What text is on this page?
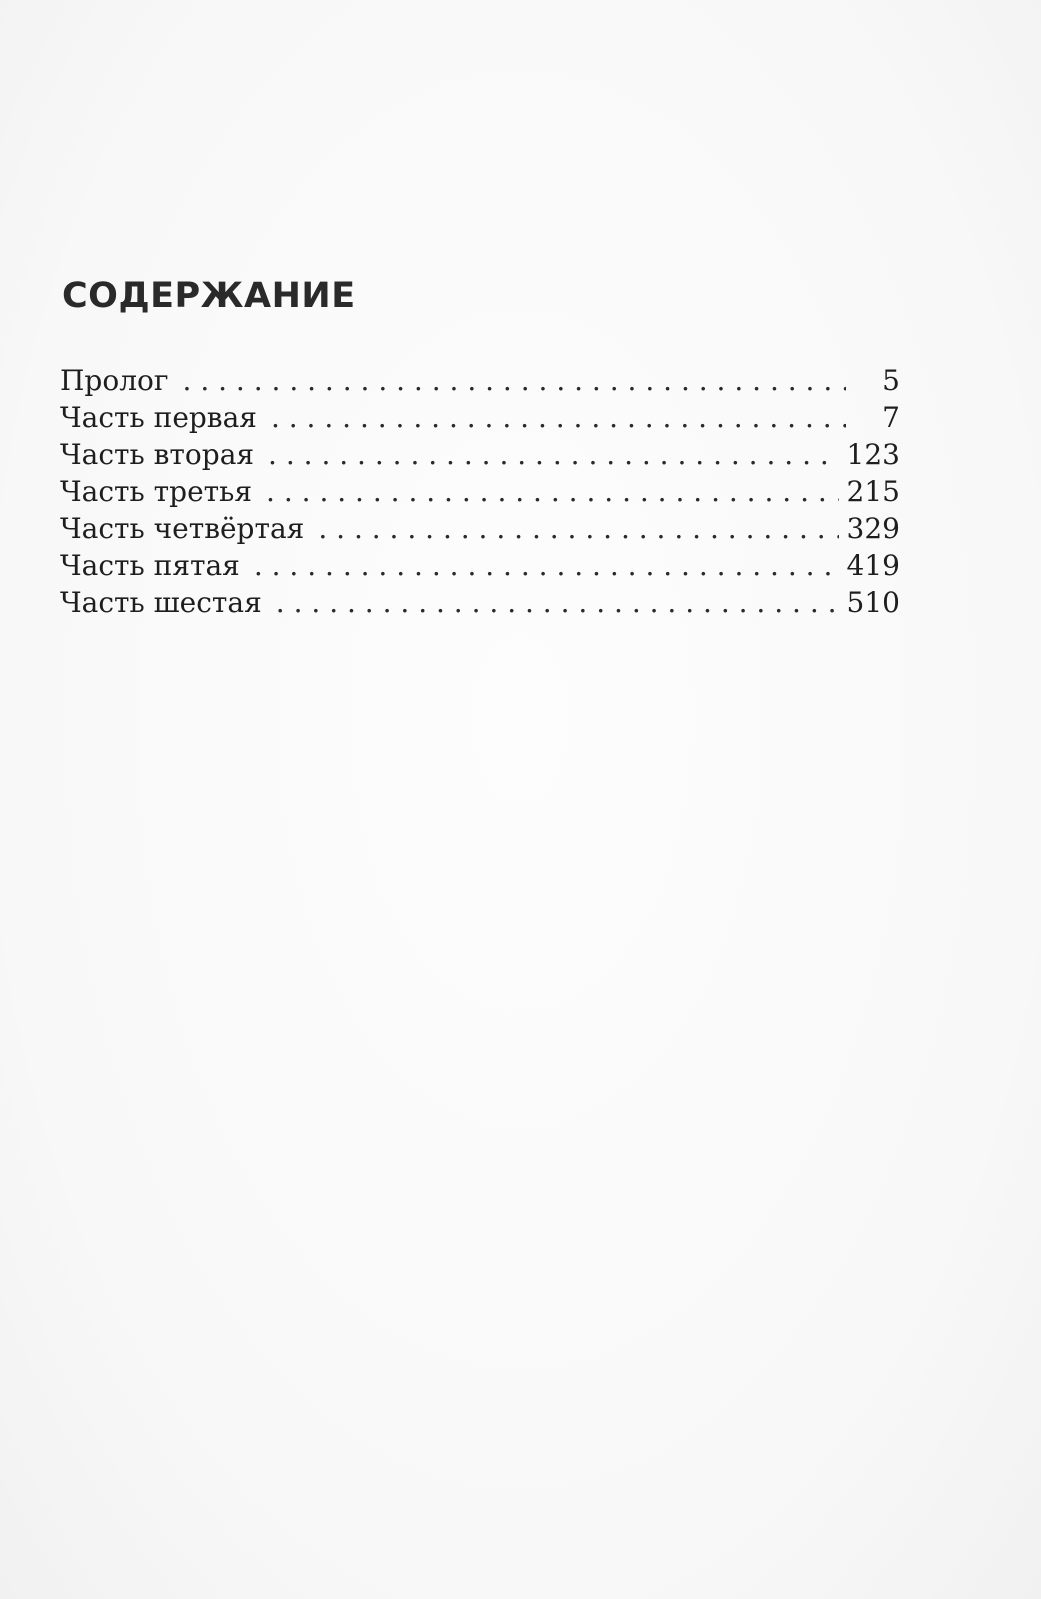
СОДЕРЖАНИЕ
Пролог . . .	5
Часть первая . . .	7
Часть вторая . . .	123
Часть третья . . .	215
Часть четвёртая . . .	329
Часть пятая . . .	419
Часть шестая . . .	510
